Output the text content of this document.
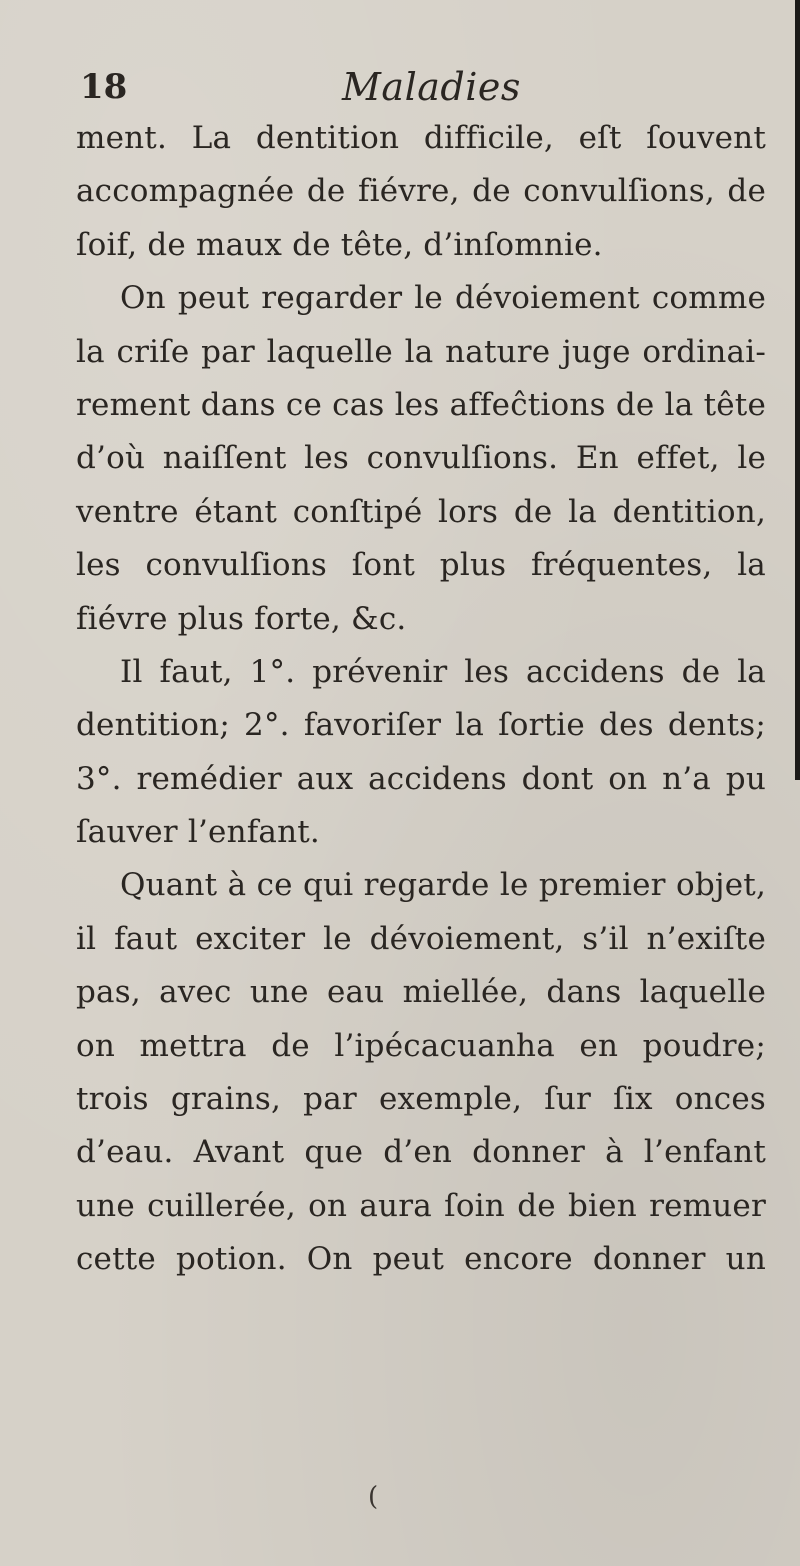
18	Maladies
ment. La dentition difficile, eſt ſouvent
accompagnée de fiévre, de convulſions, de
ſoif, de maux de tête, d’inſomnie.
On peut regarder le dévoiement comme
la criſe par laquelle la nature juge ordinai-
rement dans ce cas les affeĉtions de la tête
d’où naiſſent les convulſions. En effet, le
ventre étant conſtipé lors de la dentition,
les convulſions ſont plus fréquentes, la
fiévre plus forte, &c.
Il faut, 1°. prévenir les accidens de la
dentition; 2°. favoriſer la ſortie des dents;
3°. remédier aux accidens dont on n’a pu
ſauver l’enfant.
Quant à ce qui regarde le premier objet,
il faut exciter le dévoiement, s’il n’exiſte
pas, avec une eau miellée, dans laquelle
on mettra de l’ipécacuanha en poudre;
trois grains, par exemple, ſur ſix onces
d’eau. Avant que d’en donner à l’enfant
une cuillerée, on aura ſoin de bien remuer
cette potion. On peut encore donner un
(
